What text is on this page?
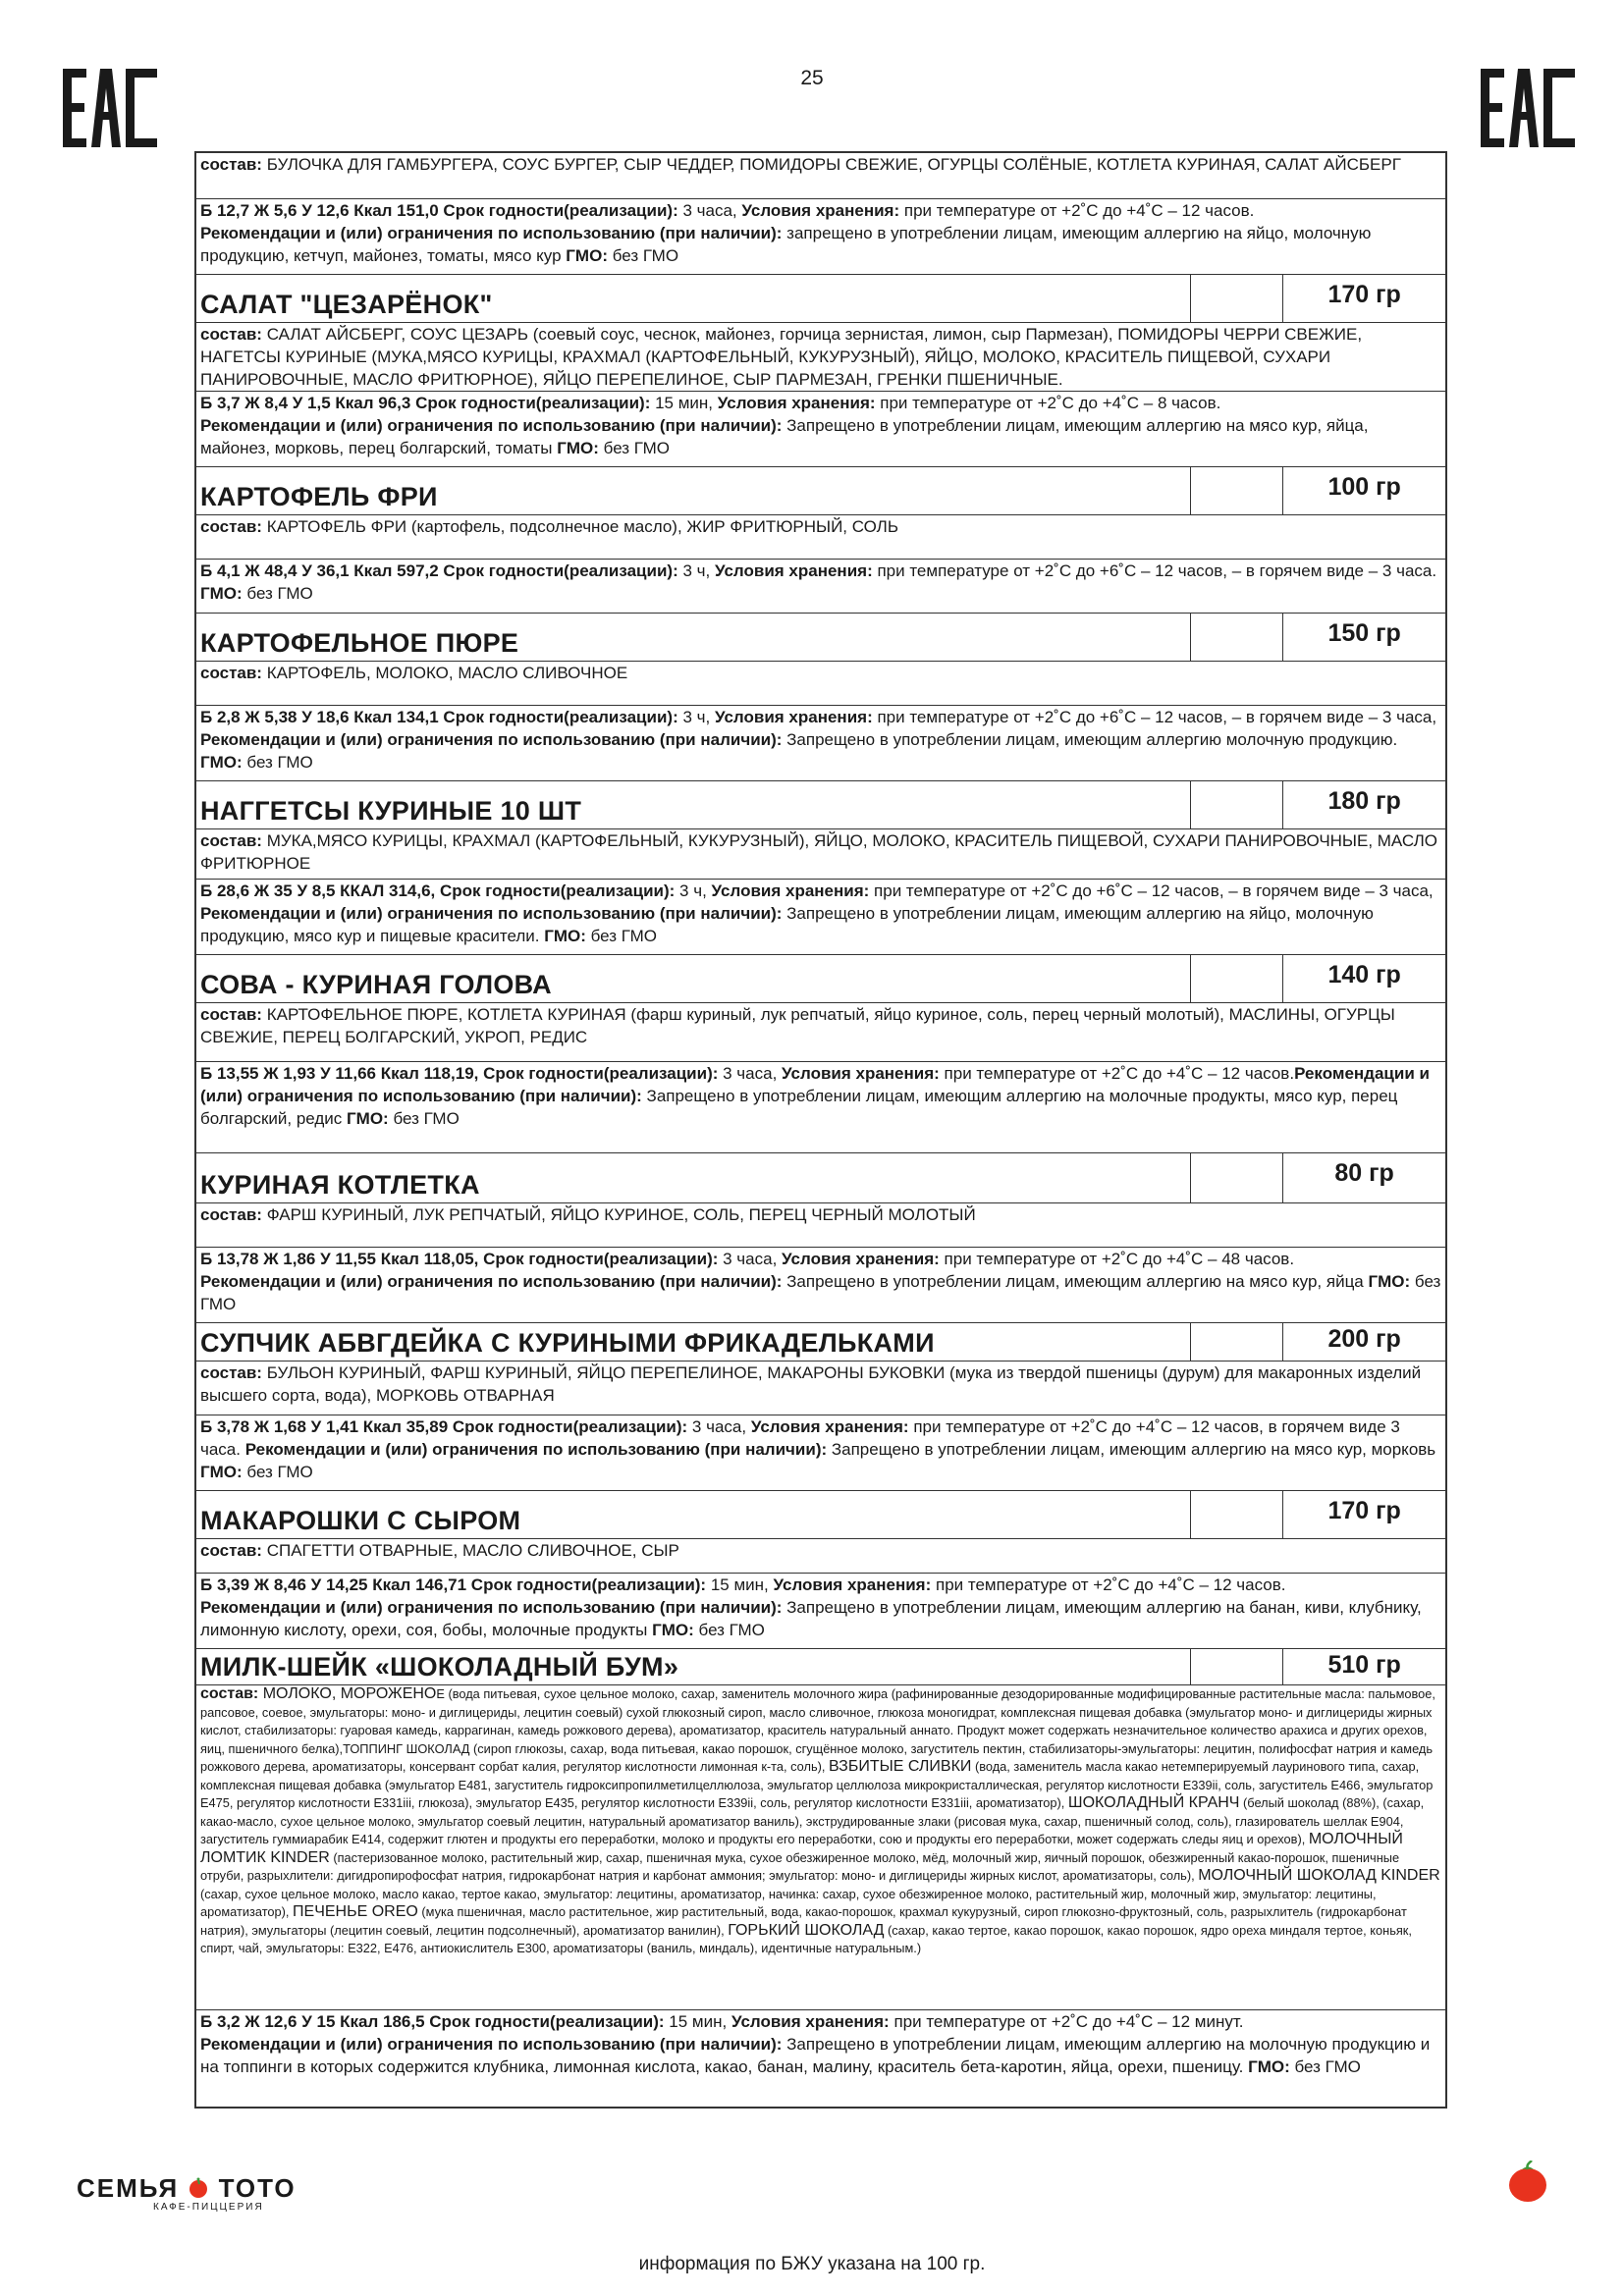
25
состав: БУЛОЧКА ДЛЯ ГАМБУРГЕРА, СОУС БУРГЕР, СЫР ЧЕДДЕР, ПОМИДОРЫ СВЕЖИЕ, ОГУРЦЫ СОЛЁНЫЕ, КОТЛЕТА КУРИНАЯ, САЛАТ АЙСБЕРГ		
Б 12,7 Ж 5,6 У 12,6 Ккал 151,0 Срок годности(реализации): 3 часа, Условия хранения: при температуре от +2˚С до +4˚С – 12 часов.
Рекомендации и (или) ограничения по использованию (при наличии): запрещено в употреблении лицам, имеющим аллергию на яйцо, молочную продукцию, кетчуп, майонез, томаты, мясо кур ГМО: без ГМО		
САЛАТ "ЦЕЗАРЁНОК"		170 гр
состав: САЛАТ АЙСБЕРГ, СОУС ЦЕЗАРЬ (соевый соус, чеснок, майонез, горчица зернистая, лимон, сыр Пармезан), ПОМИДОРЫ ЧЕРРИ СВЕЖИЕ, НАГЕТСЫ КУРИНЫЕ (МУКА,МЯСО КУРИЦЫ, КРАХМАЛ (КАРТОФЕЛЬНЫЙ, КУКУРУЗНЫЙ), ЯЙЦО, МОЛОКО, КРАСИТЕЛЬ ПИЩЕВОЙ, СУХАРИ ПАНИРОВОЧНЫЕ, МАСЛО ФРИТЮРНОЕ), ЯЙЦО ПЕРЕПЕЛИНОЕ, СЫР ПАРМЕЗАН, ГРЕНКИ ПШЕНИЧНЫЕ.		
Б 3,7 Ж 8,4 У 1,5 Ккал 96,3 Срок годности(реализации): 15 мин, Условия хранения: при температуре от +2˚С до +4˚С – 8 часов.
Рекомендации и (или) ограничения по использованию (при наличии): Запрещено в употреблении лицам, имеющим аллергию на мясо кур, яйца, майонез, морковь, перец болгарский, томаты ГМО: без ГМО		
КАРТОФЕЛЬ ФРИ		100 гр
состав: КАРТОФЕЛЬ ФРИ (картофель, подсолнечное масло), ЖИР ФРИТЮРНЫЙ, СОЛЬ		
Б 4,1 Ж 48,4 У 36,1 Ккал 597,2 Срок годности(реализации): 3 ч, Условия хранения: при температуре от +2˚С до +6˚С – 12 часов, – в горячем виде – 3 часа. ГМО: без ГМО		
КАРТОФЕЛЬНОЕ ПЮРЕ		150 гр
состав: КАРТОФЕЛЬ, МОЛОКО, МАСЛО СЛИВОЧНОЕ		
Б 2,8 Ж 5,38 У 18,6 Ккал 134,1 Срок годности(реализации): 3 ч, Условия хранения: при температуре от +2˚С до +6˚С – 12 часов, – в горячем виде – 3 часа, Рекомендации и (или) ограничения по использованию (при наличии): Запрещено в употреблении лицам, имеющим аллергию молочную продукцию. ГМО: без ГМО		
НАГГЕТСЫ КУРИНЫЕ 10 ШТ		180 гр
состав: МУКА,МЯСО КУРИЦЫ, КРАХМАЛ (КАРТОФЕЛЬНЫЙ, КУКУРУЗНЫЙ), ЯЙЦО, МОЛОКО, КРАСИТЕЛЬ ПИЩЕВОЙ, СУХАРИ ПАНИРОВОЧНЫЕ, МАСЛО ФРИТЮРНОЕ		
Б 28,6 Ж 35 У 8,5 ККАЛ 314,6, Срок годности(реализации): 3 ч, Условия хранения: при температуре от +2˚С до +6˚С – 12 часов, – в горячем виде – 3 часа, Рекомендации и (или) ограничения по использованию (при наличии): Запрещено в употреблении лицам, имеющим аллергию на яйцо, молочную продукцию, мясо кур и пищевые красители. ГМО: без ГМО		
СОВА - КУРИНАЯ ГОЛОВА		140 гр
состав: КАРТОФЕЛЬНОЕ ПЮРЕ, КОТЛЕТА КУРИНАЯ (фарш куриный, лук репчатый, яйцо куриное, соль, перец черный молотый), МАСЛИНЫ, ОГУРЦЫ СВЕЖИЕ, ПЕРЕЦ БОЛГАРСКИЙ, УКРОП, РЕДИС		
Б 13,55 Ж 1,93 У 11,66 Ккал 118,19, Срок годности(реализации): 3 часа, Условия хранения: при температуре от +2˚С до +4˚С – 12 часов.Рекомендации и (или) ограничения по использованию (при наличии): Запрещено в употреблении лицам, имеющим аллергию на молочные продукты, мясо кур, перец болгарский, редис ГМО: без ГМО		
КУРИНАЯ КОТЛЕТКА		80 гр
состав: ФАРШ КУРИНЫЙ, ЛУК РЕПЧАТЫЙ, ЯЙЦО КУРИНОЕ, СОЛЬ, ПЕРЕЦ ЧЕРНЫЙ МОЛОТЫЙ		
Б 13,78 Ж 1,86 У 11,55 Ккал 118,05, Срок годности(реализации): 3 часа, Условия хранения: при температуре от +2˚С до +4˚С – 48 часов.
Рекомендации и (или) ограничения по использованию (при наличии): Запрещено в употреблении лицам, имеющим аллергию на мясо кур, яйца ГМО: без ГМО		
СУПЧИК АБВГДЕЙКА С КУРИНЫМИ ФРИКАДЕЛЬКАМИ		200 гр
состав: БУЛЬОН КУРИНЫЙ, ФАРШ КУРИНЫЙ, ЯЙЦО ПЕРЕПЕЛИНОЕ, МАКАРОНЫ БУКОВКИ (мука из твердой пшеницы (дурум) для макаронных изделий высшего сорта, вода), МОРКОВЬ ОТВАРНАЯ		
Б 3,78 Ж 1,68 У 1,41 Ккал 35,89 Срок годности(реализации): 3 часа, Условия хранения: при температуре от +2˚С до +4˚С – 12 часов, в горячем виде 3 часа. Рекомендации и (или) ограничения по использованию (при наличии): Запрещено в употреблении лицам, имеющим аллергию на мясо кур, морковь ГМО: без ГМО		
МАКАРОШКИ С СЫРОМ		170 гр
состав: СПАГЕТТИ ОТВАРНЫЕ, МАСЛО СЛИВОЧНОЕ, СЫР		
Б 3,39 Ж 8,46 У 14,25 Ккал 146,71 Срок годности(реализации): 15 мин, Условия хранения: при температуре от +2˚С до +4˚С – 12 часов.
Рекомендации и (или) ограничения по использованию (при наличии): Запрещено в употреблении лицам, имеющим аллергию на банан, киви, клубнику, лимонную кислоту, орехи, соя, бобы, молочные продукты ГМО: без ГМО		
МИЛК-ШЕЙК «ШОКОЛАДНЫЙ БУМ»		510 гр
состав: МОЛОКО, МОРОЖЕНОЕ (вода питьевая, сухое цельное молоко, сахар, заменитель молочного жира (рафинированные дезодорированные модифицированные растительные масла: пальмовое, рапсовое, соевое, эмульгаторы: моно- и диглицериды, лецитин соевый) сухой глюкозный сироп, масло сливочное, глюкоза моногидрат, комплексная пищевая добавка (эмульгатор моно- и диглицериды жирных кислот, стабилизаторы: гуаровая камедь, каррагинан, камедь рожкового дерева), ароматизатор, краситель натуральный аннато. Продукт может содержать незначительное количество арахиса и других орехов, яиц, пшеничного белка),ТОППИНГ ШОКОЛАД (сироп глюкозы, сахар, вода питьевая, какао порошок, сгущённое молоко, загуститель пектин, стабилизаторы-эмульгаторы: лецитин, полифосфат натрия и камедь рожкового дерева, ароматизаторы, консервант сорбат калия, регулятор кислотности лимонная к-та, соль), ВЗБИТЫЕ СЛИВКИ (вода, заменитель масла какао нетемперируемый лауринового типа, сахар, комплексная пищевая добавка (эмульгатор E481, загуститель гидроксипропилметилцеллюлоза, эмульгатор целлюлоза микрокристаллическая, регулятор кислотности E339ii, соль, загуститель E466, эмульгатор E475, регулятор кислотности E331iii, глюкоза), эмульгатор E435, регулятор кислотности E339ii, соль, регулятор кислотности E331iii, ароматизатор), ШОКОЛАДНЫЙ КРАНЧ (белый шоколад (88%), (сахар, какао-масло, сухое цельное молоко, эмульгатор соевый лецитин, натуральный ароматизатор ваниль), экструдированные злаки (рисовая мука, сахар, пшеничный солод, соль), глазирователь шеллак E904, загуститель гуммиарабик E414, содержит глютен и продукты его переработки, молоко и продукты его переработки, сою и продукты его переработки, может содержать следы яиц и орехов), МОЛОЧНЫЙ ЛОМТИК KINDER (пастеризованное молоко, растительный жир, сахар, пшеничная мука, сухое обезжиренное молоко, мёд, молочный жир, яичный порошок, обезжиренный какао-порошок, пшеничные отруби, разрыхлители: дигидропирофосфат натрия, гидрокарбонат натрия и карбонат аммония; эмульгатор: моно- и диглицериды жирных кислот, ароматизаторы, соль), МОЛОЧНЫЙ ШОКОЛАД KINDER (сахар, сухое цельное молоко, масло какао, тертое какао, эмульгатор: лецитины, ароматизатор, начинка: сахар, сухое обезжиренное молоко, растительный жир, молочный жир, эмульгатор: лецитины, ароматизатор), ПЕЧЕНЬЕ OREO (мука пшеничная, масло растительное, жир растительный, вода, какао-порошок, крахмал кукурузный, сироп глюкозно-фруктозный, соль, разрыхлитель (гидрокарбонат натрия), эмульгаторы (лецитин соевый, лецитин подсолнечный), ароматизатор ванилин), ГОРЬКИЙ ШОКОЛАД (сахар, какао тертое, какао порошок, какао порошок, ядро ореха миндаля тертое, коньяк, спирт, чай, эмульгаторы: E322, E476, антиокислитель E300, ароматизаторы (ваниль, миндаль), идентичные натуральным.)		
Б 3,2 Ж 12,6 У 15 Ккал 186,5 Срок годности(реализации): 15 мин, Условия хранения: при температуре от +2˚С до +4˚С – 12 минут.
Рекомендации и (или) ограничения по использованию (при наличии): Запрещено в употреблении лицам, имеющим аллергию на молочную продукцию и на топпинги в которых содержится клубника, лимонная кислота, какао, банан, малину, краситель бета-каротин, яйца, орехи, пшеницу. ГМО: без ГМО		
СЕМЬЯ ТОТО
КАФЕ-ПИЦЦЕРИЯ
информация по БЖУ указана на 100 гр.
